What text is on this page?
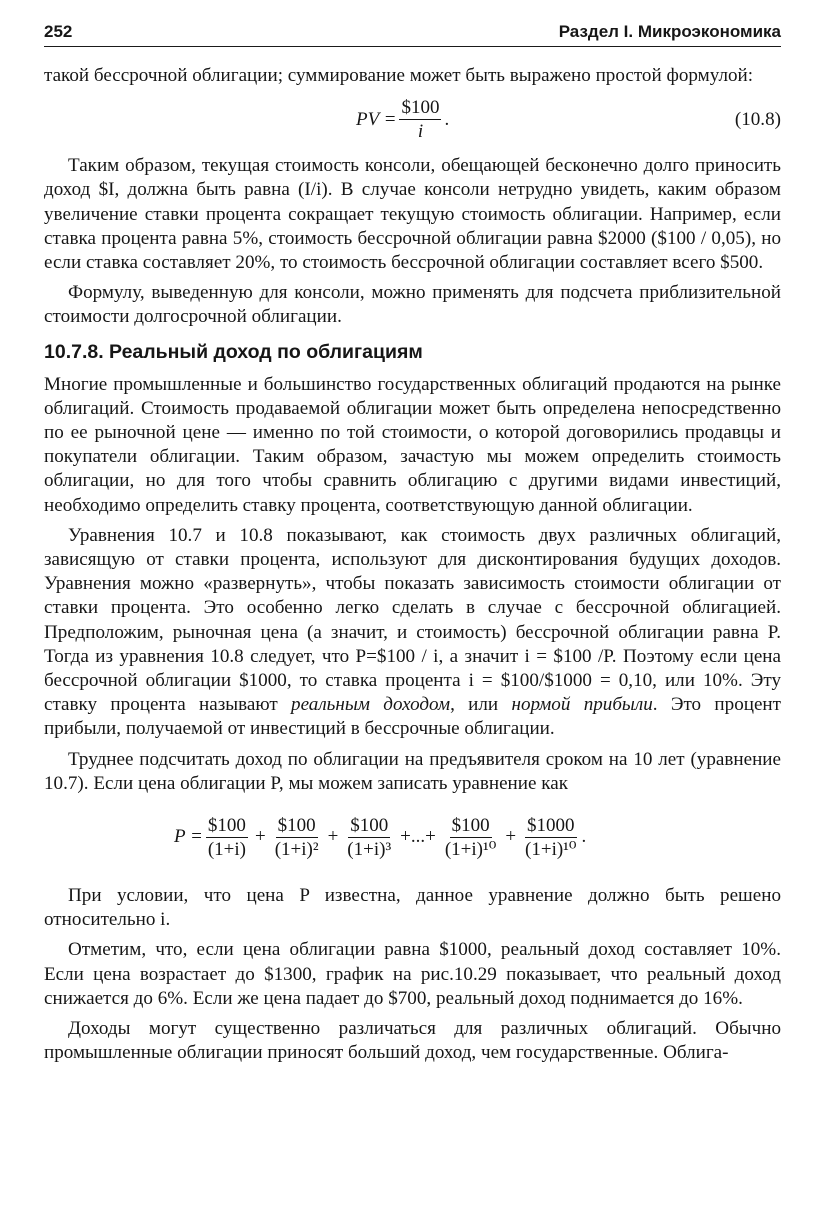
252	Раздел I. Микроэкономика

такой бессрочной облигации; суммирование может быть выражено простой формулой:

PV = $\frac{\$100}{i}$ .	(10.8)

Таким образом, текущая стоимость консоли, обещающей бесконечно долго приносить доход $I, должна быть равна (I/i). В случае консоли нетрудно увидеть, каким образом увеличение ставки процента сокращает текущую стоимость облигации. Например, если ставка процента равна 5%, стоимость бессрочной облигации равна $2000 ($100 / 0,05), но если ставка составляет 20%, то стоимость бессрочной облигации составляет всего $500.

Формулу, выведенную для консоли, можно применять для подсчета приблизительной стоимости долгосрочной облигации.

10.7.8. Реальный доход по облигациям

Многие промышленные и большинство государственных облигаций продаются на рынке облигаций. Стоимость продаваемой облигации может быть определена непосредственно по ее рыночной цене — именно по той стоимости, о которой договорились продавцы и покупатели облигации. Таким образом, зачастую мы можем определить стоимость облигации, но для того чтобы сравнить облигацию с другими видами инвестиций, необходимо определить ставку процента, соответствующую данной облигации.

Уравнения 10.7 и 10.8 показывают, как стоимость двух различных облигаций, зависящую от ставки процента, используют для дисконтирования будущих доходов. Уравнения можно «развернуть», чтобы показать зависимость стоимости облигации от ставки процента. Это особенно легко сделать в случае с бессрочной облигацией. Предположим, рыночная цена (а значит, и стоимость) бессрочной облигации равна P. Тогда из уравнения 10.8 следует, что P=$100 / i, а значит i = $100 /P. Поэтому если цена бессрочной облигации $1000, то ставка процента i = $100/$1000 = 0,10, или 10%. Эту ставку процента называют реальным доходом, или нормой прибыли. Это процент прибыли, получаемой от инвестиций в бессрочные облигации.

Труднее подсчитать доход по облигации на предъявителя сроком на 10 лет (уравнение 10.7). Если цена облигации P, мы можем записать уравнение как

$P = \frac{\$100}{(1+i)} + \frac{\$100}{\text{(1+i)²}} + \frac{\$100}{\text{(1+i)³}}$ +...+ $\frac{\$100}{\text{(1+i)¹⁰}} + \frac{\$1000}{\text{(1+i)¹⁰}}$ .

При условии, что цена P известна, данное уравнение должно быть решено относительно i.

Отметим, что, если цена облигации равна $1000, реальный доход составляет 10%. Если цена возрастает до $1300, график на рис.10.29 показывает, что реальный доход снижается до 6%. Если же цена падает до $700, реальный доход поднимается до 16%.

Доходы могут существенно различаться для различных облигаций. Обычно промышленные облигации приносят больший доход, чем государственные. Облига-
